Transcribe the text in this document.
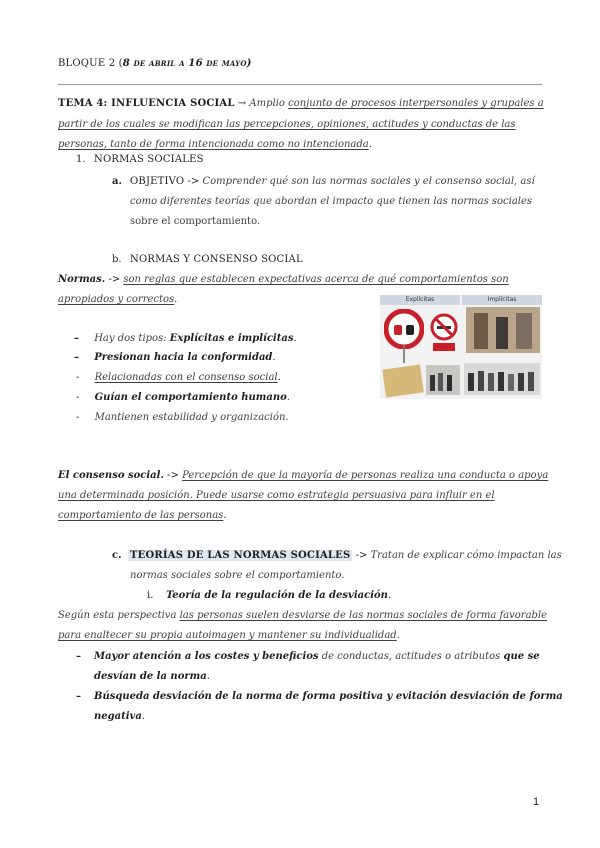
BLOQUE 2 (8 de abril a 16 de mayo)
TEMA 4: INFLUENCIA SOCIAL → Amplio conjunto de procesos interpersonales y grupales a
partir de los cuales se modifican las percepciones, opiniones, actitudes y conductas de las
personas, tanto de forma intencionada como no intencionada.
1. NORMAS SOCIALES
a. OBJETIVO -> Comprender qué son las normas sociales y el consenso social, así
como diferentes teorías que abordan el impacto que tienen las normas sociales
sobre el comportamiento.
b. NORMAS Y CONSENSO SOCIAL
Normas. -> son reglas que establecen expectativas acerca de qué comportamientos son
apropiados y correctos.
– Hay dos tipos: Explícitas e implícitas.
– Presionan hacia la conformidad.
- Relacionadas con el consenso social.
- Guían el comportamiento humano.
- Mantienen estabilidad y organización.
Explícitas	Implícitas
El consenso social. -> Percepción de que la mayoría de personas realiza una conducta o apoya
una determinada posición. Puede usarse como estrategia persuasiva para influir en el
comportamiento de las personas.
c. TEORÍAS DE LAS NORMAS SOCIALES -> Tratan de explicar cómo impactan las
normas sociales sobre el comportamiento.
i. Teoría de la regulación de la desviación.
Según esta perspectiva las personas suelen desviarse de las normas sociales de forma favorable
para enaltecer su propia autoimagen y mantener su individualidad.
– Mayor atención a los costes y beneficios de conductas, actitudes o atributos que se
desvían de la norma.
– Búsqueda desviación de la norma de forma positiva y evitación desviación de forma
negativa.
1
